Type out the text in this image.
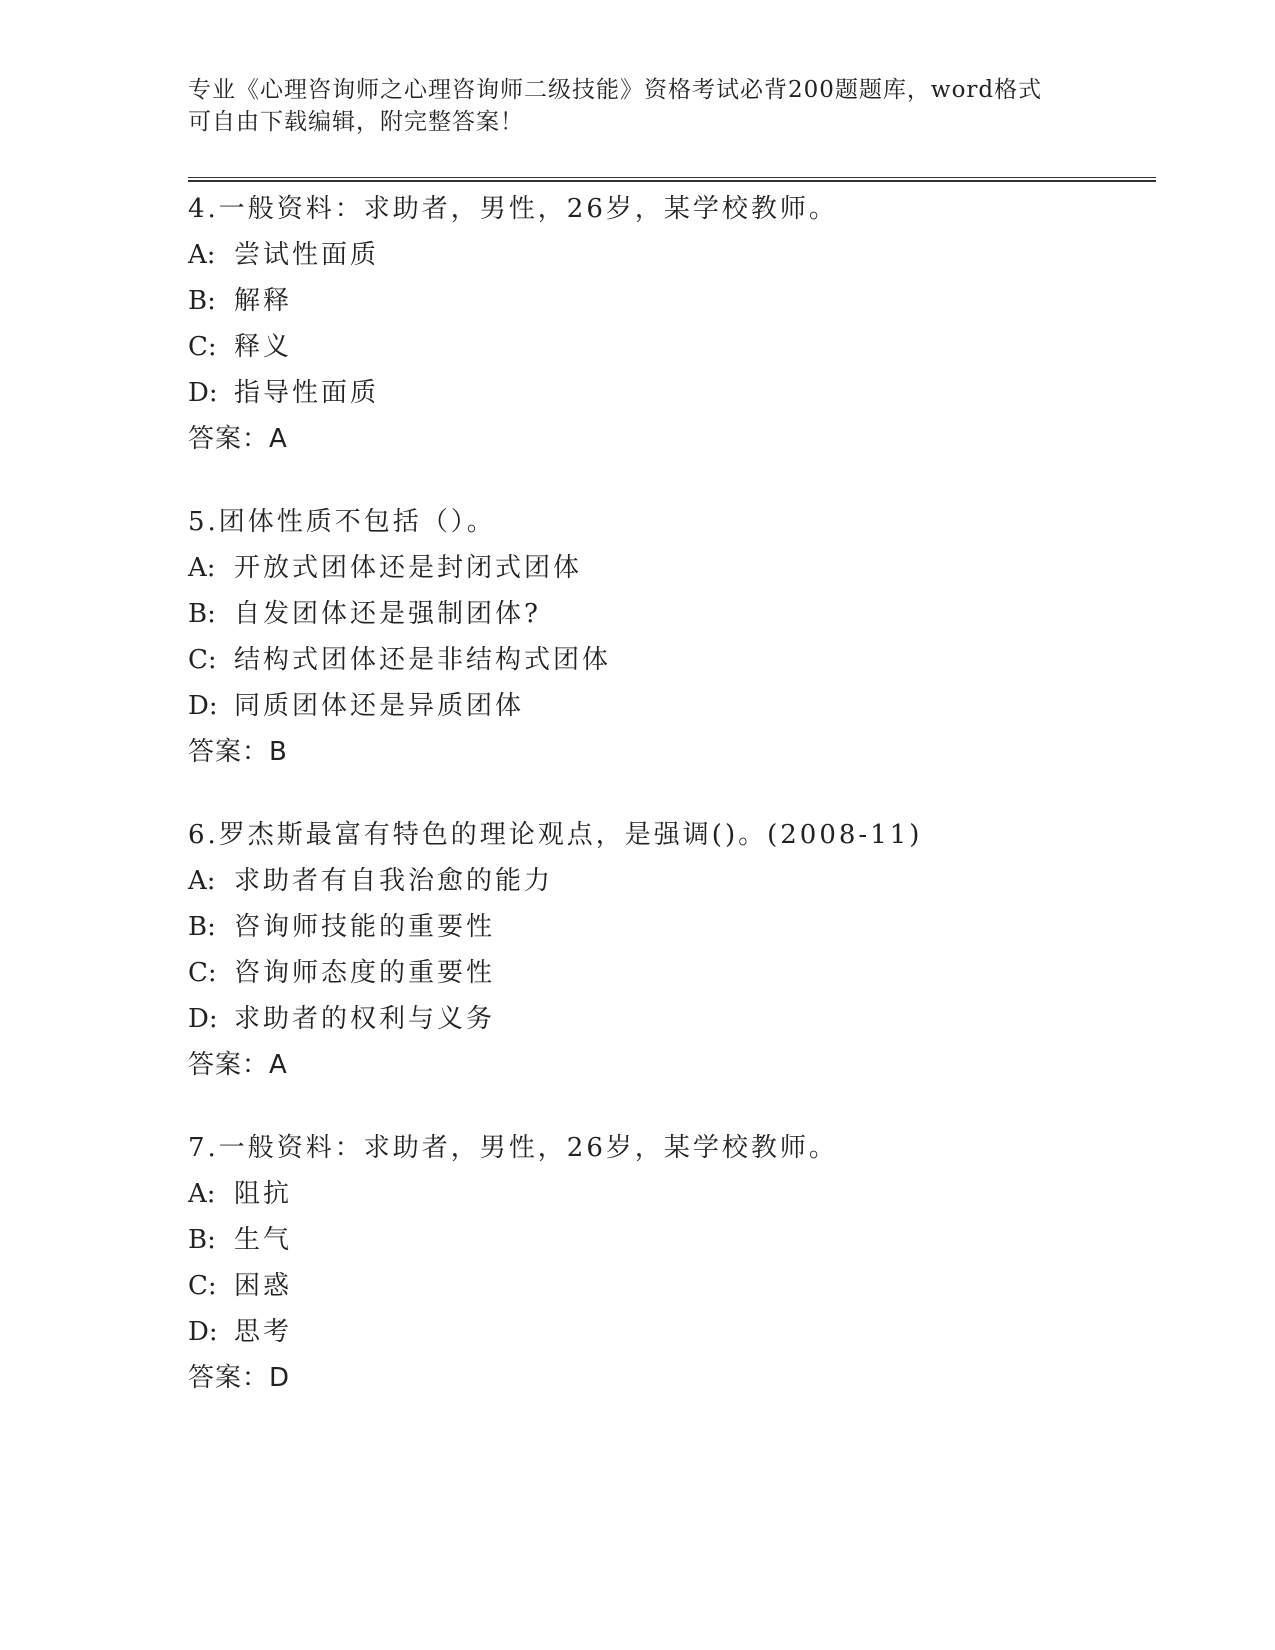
专业《心理咨询师之心理咨询师二级技能》资格考试必背200题题库，word格式
可自由下载编辑，附完整答案！
4.一般资料：求助者，男性，26岁，某学校教师。
A: 尝试性面质
B: 解释
C: 释义
D: 指导性面质
答案：A
5.团体性质不包括（）。
A: 开放式团体还是封闭式团体
B: 自发团体还是强制团体?
C: 结构式团体还是非结构式团体
D: 同质团体还是异质团体
答案：B
6.罗杰斯最富有特色的理论观点，是强调()。(2008-11)
A: 求助者有自我治愈的能力
B: 咨询师技能的重要性
C: 咨询师态度的重要性
D: 求助者的权利与义务
答案：A
7.一般资料：求助者，男性，26岁，某学校教师。
A: 阻抗
B: 生气
C: 困惑
D: 思考
答案：D
